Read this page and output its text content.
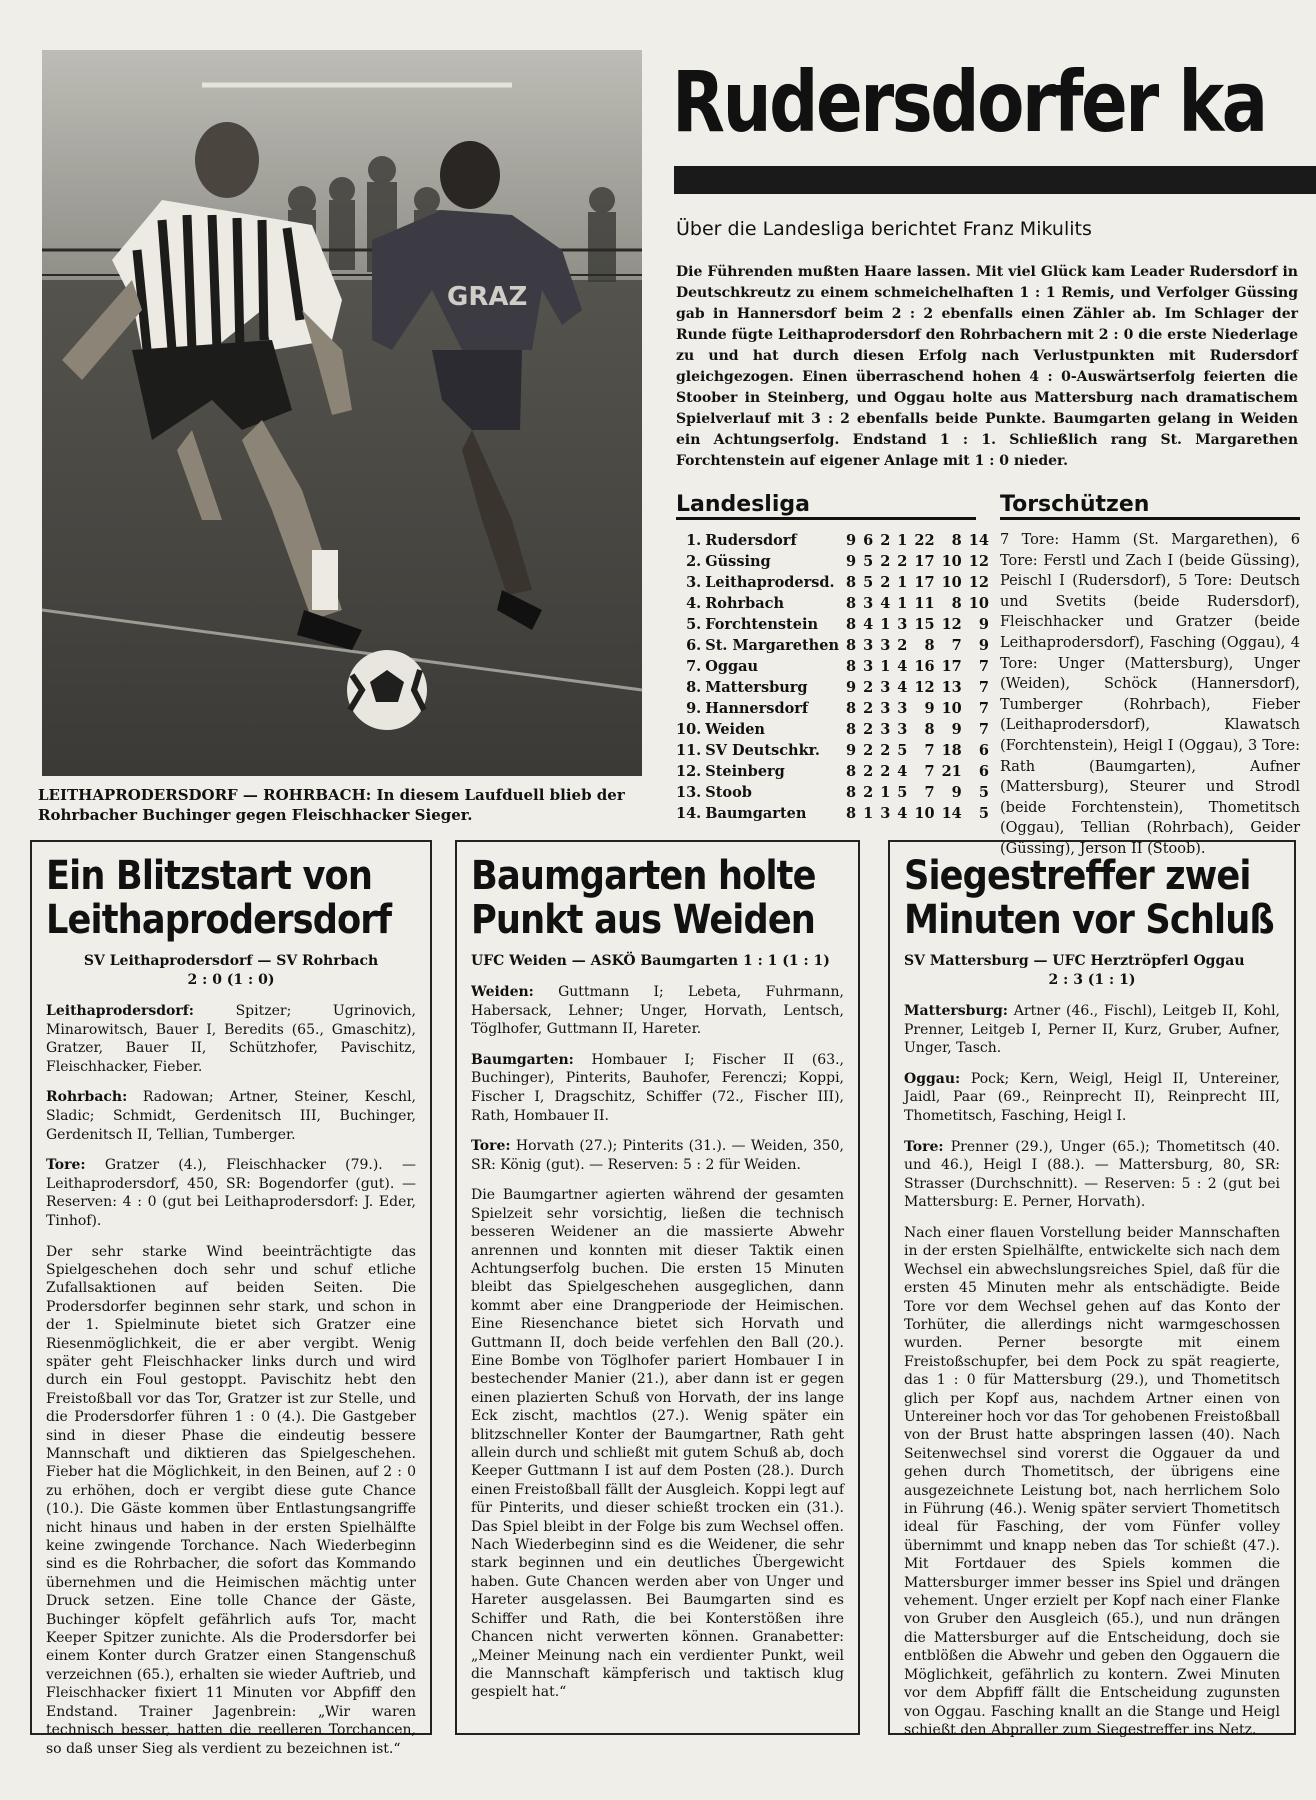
GRAZ
LEITHAPRODERSDORF — ROHRBACH: In diesem Laufduell blieb der Rohrbacher Buchinger gegen Fleischhacker Sieger.
Rudersdorfer ka
Über die Landesliga berichtet Franz Mikulits
Die Führenden mußten Haare lassen. Mit viel Glück kam Leader Rudersdorf in Deutschkreutz zu einem schmeichelhaften 1 : 1 Remis, und Verfolger Güssing gab in Hannersdorf beim 2 : 2 ebenfalls einen Zähler ab. Im Schlager der Runde fügte Leithaprodersdorf den Rohrbachern mit 2 : 0 die erste Niederlage zu und hat durch diesen Erfolg nach Verlustpunkten mit Rudersdorf gleichgezogen. Einen überraschend hohen 4 : 0-Auswärtserfolg feierten die Stoober in Steinberg, und Oggau holte aus Mattersburg nach dramatischem Spielverlauf mit 3 : 2 ebenfalls beide Punkte. Baumgarten gelang in Weiden ein Achtungserfolg. Endstand 1 : 1. Schließlich rang St. Margarethen Forchtenstein auf eigener Anlage mit 1 : 0 nieder.
Landesliga
1.	Rudersdorf	9	6	2	1	22	8	14
2.	Güssing	9	5	2	2	17	10	12
3.	Leithaprodersd.	8	5	2	1	17	10	12
4.	Rohrbach	8	3	4	1	11	8	10
5.	Forchtenstein	8	4	1	3	15	12	9
6.	St. Margarethen	8	3	3	2	8	7	9
7.	Oggau	8	3	1	4	16	17	7
8.	Mattersburg	9	2	3	4	12	13	7
9.	Hannersdorf	8	2	3	3	9	10	7
10.	Weiden	8	2	3	3	8	9	7
11.	SV Deutschkr.	9	2	2	5	7	18	6
12.	Steinberg	8	2	2	4	7	21	6
13.	Stoob	8	2	1	5	7	9	5
14.	Baumgarten	8	1	3	4	10	14	5
Torschützen
7 Tore: Hamm (St. Margarethen), 6 Tore: Ferstl und Zach I (beide Güssing), Peischl I (Rudersdorf), 5 Tore: Deutsch und Svetits (beide Rudersdorf), Fleischhacker und Gratzer (beide Leithaprodersdorf), Fasching (Oggau), 4 Tore: Unger (Mattersburg), Unger (Weiden), Schöck (Hannersdorf), Tumberger (Rohrbach), Fieber (Leithaprodersdorf), Klawatsch (Forchtenstein), Heigl I (Oggau), 3 Tore: Rath (Baumgarten), Aufner (Mattersburg), Steurer und Strodl (beide Forchtenstein), Thometitsch (Oggau), Tellian (Rohrbach), Geider (Güssing), Jerson II (Stoob).
Ein Blitzstart von Leithaprodersdorf
SV Leithaprodersdorf — SV Rohrbach
2 : 0 (1 : 0)

Leithaprodersdorf:	Spitzer; Ugrinovich, Minarowitsch, Bauer I, Beredits (65., Gmaschitz), Gratzer, Bauer II, Schützhofer, Pavischitz, Fleischhacker, Fieber.

Rohrbach: Radowan; Artner, Steiner, Keschl, Sladic; Schmidt, Gerdenitsch III, Buchinger, Gerdenitsch II, Tellian, Tumberger.

Tore: Gratzer (4.), Fleischhacker (79.). — Leithaprodersdorf, 450, SR: Bogendorfer (gut). — Reserven: 4 : 0 (gut bei Leithaprodersdorf: J. Eder, Tinhof).

Der sehr starke Wind beeinträchtigte das Spielgeschehen doch sehr und schuf etliche Zufallsaktionen auf beiden Seiten. Die Prodersdorfer beginnen sehr stark, und schon in der 1. Spielminute bietet sich Gratzer eine Riesenmöglichkeit, die er aber vergibt. Wenig später geht Fleischhacker links durch und wird durch ein Foul gestoppt. Pavischitz hebt den Freistoßball vor das Tor, Gratzer ist zur Stelle, und die Prodersdorfer führen 1 : 0 (4.). Die Gastgeber sind in dieser Phase die eindeutig bessere Mannschaft und diktieren das Spielgeschehen. Fieber hat die Möglichkeit, in den Beinen, auf 2 : 0 zu erhöhen, doch er vergibt diese gute Chance (10.). Die Gäste kommen über Entlastungsangriffe nicht hinaus und haben in der ersten Spielhälfte keine zwingende Torchance. Nach Wiederbeginn sind es die Rohrbacher, die sofort das Kommando übernehmen und die Heimischen mächtig unter Druck setzen. Eine tolle Chance der Gäste, Buchinger köpfelt gefährlich aufs Tor, macht Keeper Spitzer zunichte. Als die Prodersdorfer bei einem Konter durch Gratzer einen Stangenschuß verzeichnen (65.), erhalten sie wieder Auftrieb, und Fleischhacker fixiert 11 Minuten vor Abpfiff den Endstand. Trainer Jagenbrein: „Wir waren technisch besser, hatten die reelleren Torchancen, so daß unser Sieg als verdient zu bezeichnen ist.“

Baumgarten holte Punkt aus Weiden
UFC Weiden — ASKÖ Baumgarten 1 : 1 (1 : 1)

Weiden: Guttmann I; Lebeta, Fuhrmann, Habersack, Lehner; Unger, Horvath, Lentsch, Töglhofer, Guttmann II, Hareter.

Baumgarten: Hombauer I; Fischer II (63., Buchinger), Pinterits, Bauhofer, Ferenczi; Koppi, Fischer I, Dragschitz, Schiffer (72., Fischer III), Rath, Hombauer II.

Tore: Horvath (27.); Pinterits (31.). — Weiden, 350, SR: König (gut). — Reserven: 5 : 2 für Weiden.

Die Baumgartner agierten während der gesamten Spielzeit sehr vorsichtig, ließen die technisch besseren Weidener an die massierte Abwehr anrennen und konnten mit dieser Taktik einen Achtungserfolg buchen. Die ersten 15 Minuten bleibt das Spielgeschehen ausgeglichen, dann kommt aber eine Drangperiode der Heimischen. Eine Riesenchance bietet sich Horvath und Guttmann II, doch beide verfehlen den Ball (20.). Eine Bombe von Töglhofer pariert Hombauer I in bestechender Manier (21.), aber dann ist er gegen einen plazierten Schuß von Horvath, der ins lange Eck zischt, machtlos (27.). Wenig später ein blitzschneller Konter der Baumgartner, Rath geht allein durch und schließt mit gutem Schuß ab, doch Keeper Guttmann I ist auf dem Posten (28.). Durch einen Freistoßball fällt der Ausgleich. Koppi legt auf für Pinterits, und dieser schießt trocken ein (31.). Das Spiel bleibt in der Folge bis zum Wechsel offen. Nach Wiederbeginn sind es die Weidener, die sehr stark beginnen und ein deutliches Übergewicht haben. Gute Chancen werden aber von Unger und Hareter ausgelassen. Bei Baumgarten sind es Schiffer und Rath, die bei Konterstößen ihre Chancen nicht verwerten können. Granabetter: „Meiner Meinung nach ein verdienter Punkt, weil die Mannschaft kämpferisch und taktisch klug gespielt hat.“

Siegestreffer zwei Minuten vor Schluß
SV Mattersburg — UFC Herztröpferl Oggau
2 : 3 (1 : 1)

Mattersburg: Artner (46., Fischl), Leitgeb II, Kohl, Prenner, Leitgeb I, Perner II, Kurz, Gruber, Aufner, Unger, Tasch.

Oggau: Pock; Kern, Weigl, Heigl II, Untereiner, Jaidl, Paar (69., Reinprecht II), Reinprecht III, Thometitsch, Fasching, Heigl I.

Tore: Prenner (29.), Unger (65.); Thometitsch (40. und 46.), Heigl I (88.). — Mattersburg, 80, SR: Strasser (Durchschnitt). — Reserven: 5 : 2 (gut bei Mattersburg: E. Perner, Horvath).

Nach einer flauen Vorstellung beider Mannschaften in der ersten Spielhälfte, entwickelte sich nach dem Wechsel ein abwechslungsreiches Spiel, daß für die ersten 45 Minuten mehr als entschädigte. Beide Tore vor dem Wechsel gehen auf das Konto der Torhüter, die allerdings nicht warmgeschossen wurden. Perner besorgte mit einem Freistoßschupfer, bei dem Pock zu spät reagierte, das 1 : 0 für Mattersburg (29.), und Thometitsch glich per Kopf aus, nachdem Artner einen von Untereiner hoch vor das Tor gehobenen Freistoßball von der Brust hatte abspringen lassen (40). Nach Seitenwechsel sind vorerst die Oggauer da und gehen durch Thometitsch, der übrigens eine ausgezeichnete Leistung bot, nach herrlichem Solo in Führung (46.). Wenig später serviert Thometitsch ideal für Fasching, der vom Fünfer volley übernimmt und knapp neben das Tor schießt (47.). Mit Fortdauer des Spiels kommen die Mattersburger immer besser ins Spiel und drängen vehement. Unger erzielt per Kopf nach einer Flanke von Gruber den Ausgleich (65.), und nun drängen die Mattersburger auf die Entscheidung, doch sie entblößen die Abwehr und geben den Oggauern die Möglichkeit, gefährlich zu kontern. Zwei Minuten vor dem Abpfiff fällt die Entscheidung zugunsten von Oggau. Fasching knallt an die Stange und Heigl schießt den Abpraller zum Siegestreffer ins Netz.
